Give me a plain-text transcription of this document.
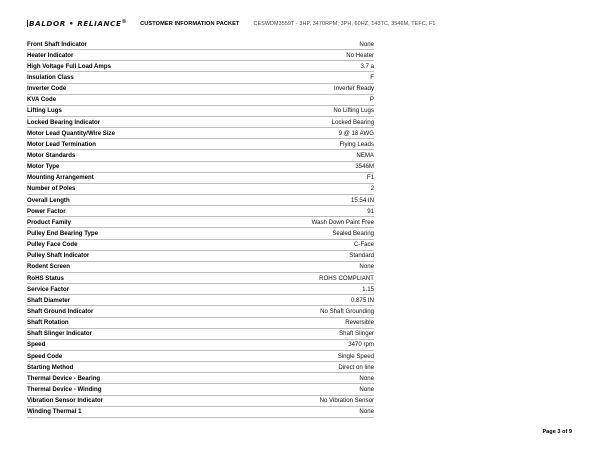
BALDOR • RELIANCE® CUSTOMER INFORMATION PACKET	CESWDM3559T - 3HP, 3470RPM, 3PH, 60HZ, 143TC, 3546M, TEFC, F1
Front Shaft Indicator	None
Heater Indicator	No Heater
High Voltage Full Load Amps	3.7 a
Insulation Class	F
Inverter Code	Inverter Ready
KVA Code	P
Lifting Lugs	No Lifting Lugs
Locked Bearing Indicator	Locked Bearing
Motor Lead Quantity/Wire Size	9 @ 18 AWG
Motor Lead Termination	Flying Leads
Motor Standards	NEMA
Motor Type	3546M
Mounting Arrangement	F1
Number of Poles	2
Overall Length	15.54 IN
Power Factor	91
Product Family	Wash Down Paint Free
Pulley End Bearing Type	Sealed Bearing
Pulley Face Code	C-Face
Pulley Shaft Indicator	Standard
Rodent Screen	None
RoHS Status	ROHS COMPLIANT
Service Factor	1.15
Shaft Diameter	0.875 IN
Shaft Ground Indicator	No Shaft Grounding
Shaft Rotation	Reversible
Shaft Slinger Indicator	Shaft Slinger
Speed	3470 rpm
Speed Code	Single Speed
Starting Method	Direct on line
Thermal Device - Bearing	None
Thermal Device - Winding	None
Vibration Sensor Indicator	No Vibration Sensor
Winding Thermal 1	None
Page 3 of 9
